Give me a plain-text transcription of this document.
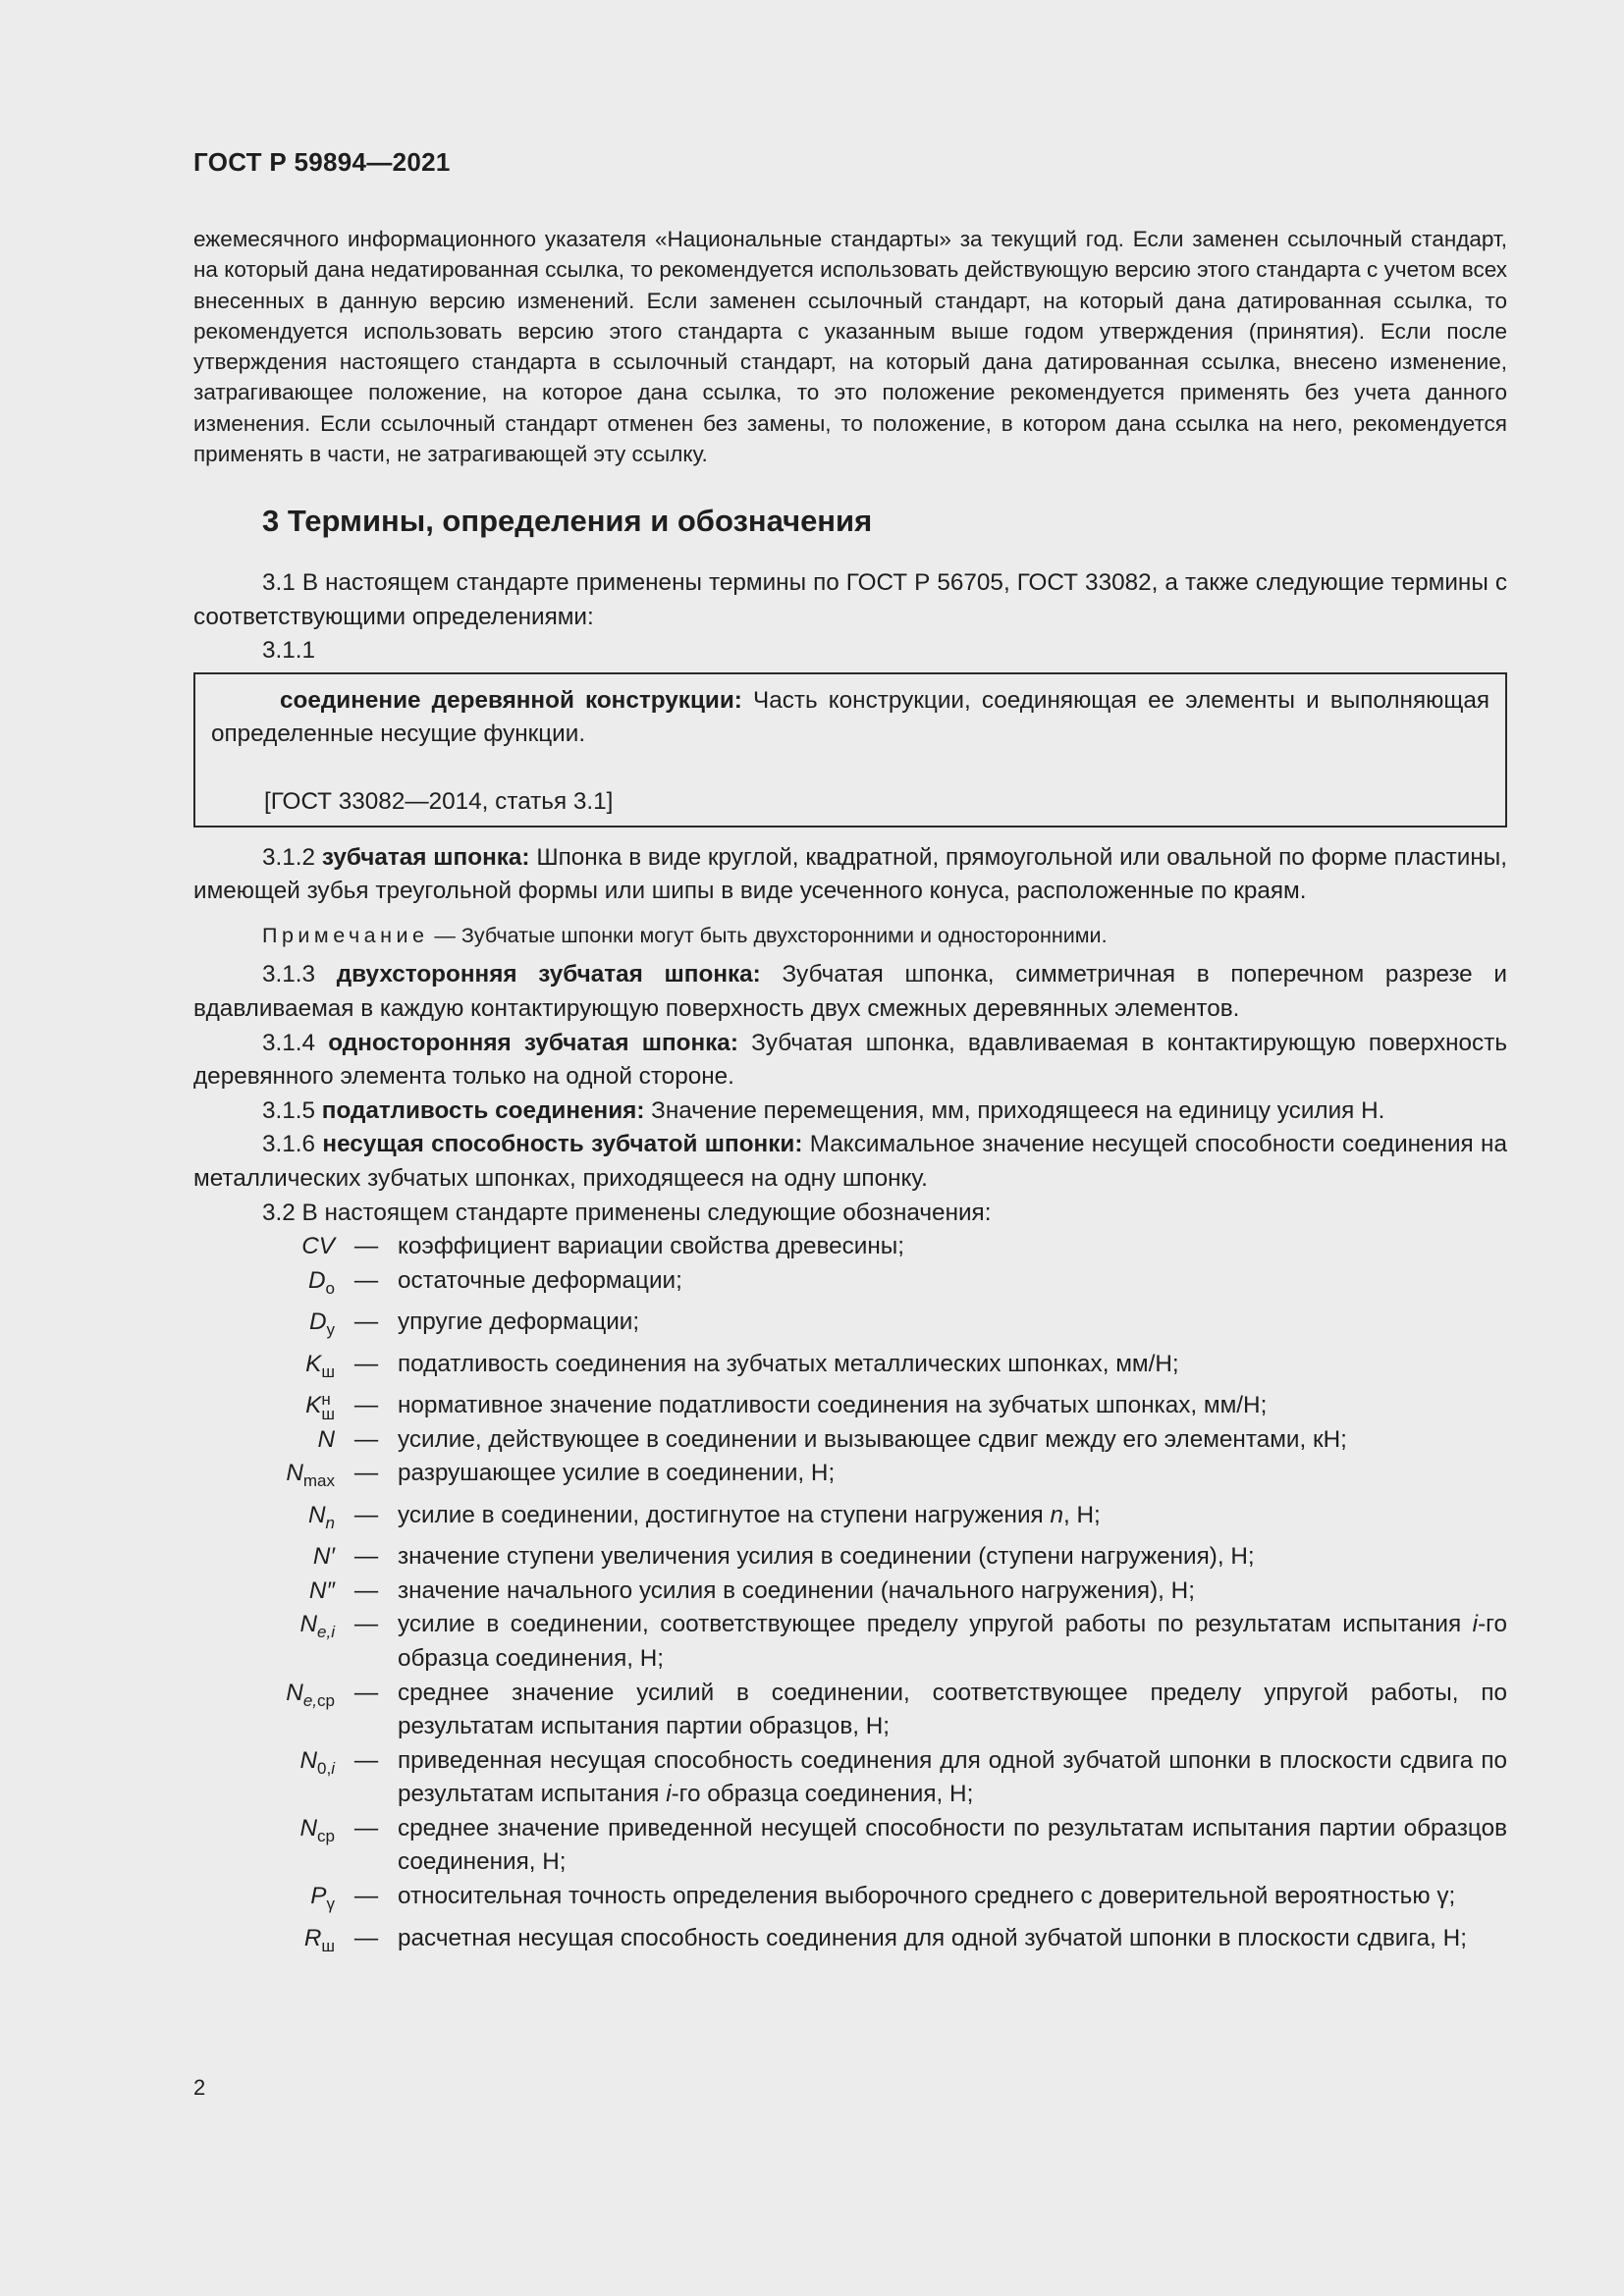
ГОСТ Р 59894—2021
ежемесячного информационного указателя «Национальные стандарты» за текущий год. Если заменен ссылочный стандарт, на который дана недатированная ссылка, то рекомендуется использовать действующую версию этого стандарта с учетом всех внесенных в данную версию изменений. Если заменен ссылочный стандарт, на который дана датированная ссылка, то рекомендуется использовать версию этого стандарта с указанным выше годом утверждения (принятия). Если после утверждения настоящего стандарта в ссылочный стандарт, на который дана датированная ссылка, внесено изменение, затрагивающее положение, на которое дана ссылка, то это положение рекомендуется применять без учета данного изменения. Если ссылочный стандарт отменен без замены, то положение, в котором дана ссылка на него, рекомендуется применять в части, не затрагивающей эту ссылку.
3 Термины, определения и обозначения
3.1 В настоящем стандарте применены термины по ГОСТ Р 56705, ГОСТ 33082, а также следующие термины с соответствующими определениями:
3.1.1
соединение деревянной конструкции: Часть конструкции, соединяющая ее элементы и выполняющая определенные несущие функции.
[ГОСТ 33082—2014, статья 3.1]
3.1.2 зубчатая шпонка: Шпонка в виде круглой, квадратной, прямоугольной или овальной по форме пластины, имеющей зубья треугольной формы или шипы в виде усеченного конуса, расположенные по краям.
Примечание — Зубчатые шпонки могут быть двухсторонними и односторонними.
3.1.3 двухсторонняя зубчатая шпонка: Зубчатая шпонка, симметричная в поперечном разрезе и вдавливаемая в каждую контактирующую поверхность двух смежных деревянных элементов.
3.1.4 односторонняя зубчатая шпонка: Зубчатая шпонка, вдавливаемая в контактирующую поверхность деревянного элемента только на одной стороне.
3.1.5 податливость соединения: Значение перемещения, мм, приходящееся на единицу усилия Н.
3.1.6 несущая способность зубчатой шпонки: Максимальное значение несущей способности соединения на металлических зубчатых шпонках, приходящееся на одну шпонку.
3.2 В настоящем стандарте применены следующие обозначения:
CV — коэффициент вариации свойства древесины;
$D_о$ — остаточные деформации;
$D_у$ — упругие деформации;
$K_ш$ — податливость соединения на зубчатых металлических шпонках, мм/Н;
Kн
ш — нормативное значение податливости соединения на зубчатых шпонках, мм/Н;
N — усилие, действующее в соединении и вызывающее сдвиг между его элементами, кН;
$N_{max}$ — разрушающее усилие в соединении, Н;
$N_n$ — усилие в соединении, достигнутое на ступени нагружения n, Н;
N′ — значение ступени увеличения усилия в соединении (ступени нагружения), Н;
N″ — значение начального усилия в соединении (начального нагружения), Н;
$N_{e,i}$ — усилие в соединении, соответствующее пределу упругой работы по результатам испытания i-го образца соединения, Н;
$N_{e,ср}$ — среднее значение усилий в соединении, соответствующее пределу упругой работы, по результатам испытания партии образцов, Н;
$N_{0,i}$ — приведенная несущая способность соединения для одной зубчатой шпонки в плоскости сдвига по результатам испытания i-го образца соединения, Н;
$N_{ср}$ — среднее значение приведенной несущей способности по результатам испытания партии образцов соединения, Н;
$P_\gamma$ — относительная точность определения выборочного среднего с доверительной вероятностью γ;
$R_ш$ — расчетная несущая способность соединения для одной зубчатой шпонки в плоскости сдвига, Н;
2
